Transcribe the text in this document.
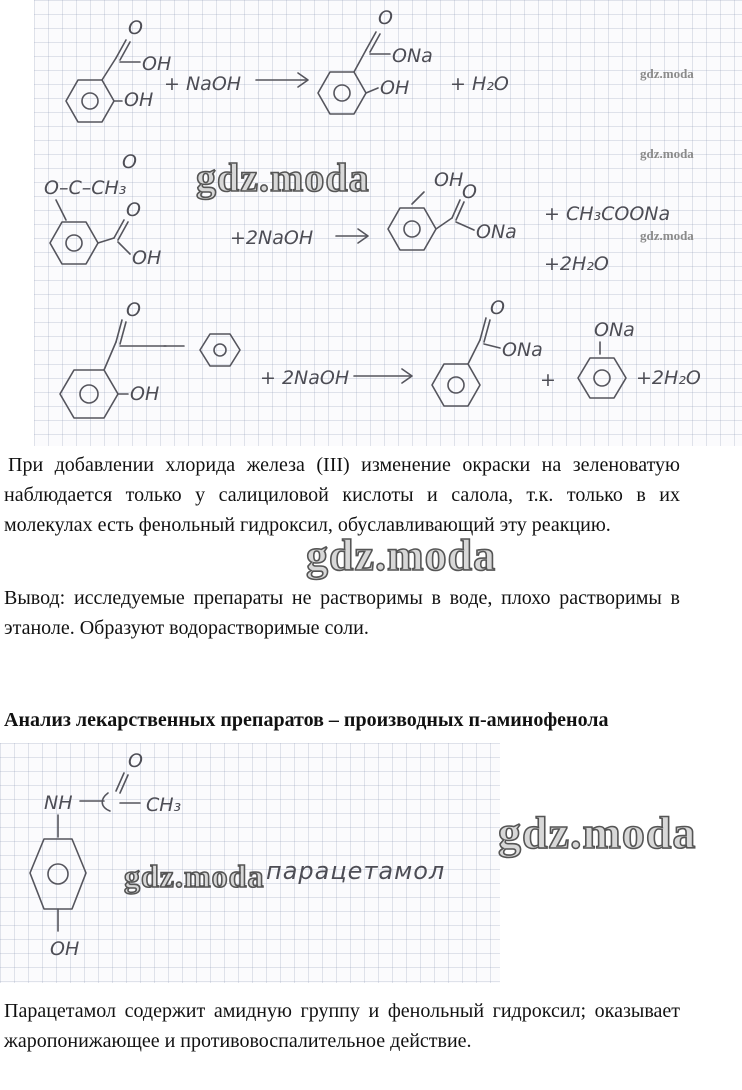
O
OH
OH
+ NaOH
O
ONa
OH + H₂O
O–C–CH₃
O
O
OH
+2NaOH
OH
O
ONa
+ CH₃COONa
+2H₂O
O
OH
+ 2NaOH
O
ONa
+
ONa
+2H₂O
gdz.moda
gdz.moda
gdz.moda
gdz.moda
При добавлении хлорида железа (III) изменение окраски на зеленоватую наблюдается только у салициловой кислоты и салола, т.к. только в их молекулах есть фенольный гидроксил, обуславливающий эту реакцию.
gdz.moda
Вывод: исследуемые препараты не растворимы в воде, плохо растворимы в этаноле. Образуют водорастворимые соли.
Анализ лекарственных препаратов – производных п-аминофенола
NH
O
CH₃
OH
парацетамол
gdz.moda
gdz.moda
Парацетамол содержит амидную группу и фенольный гидроксил; оказывает жаропонижающее и противовоспалительное действие.
